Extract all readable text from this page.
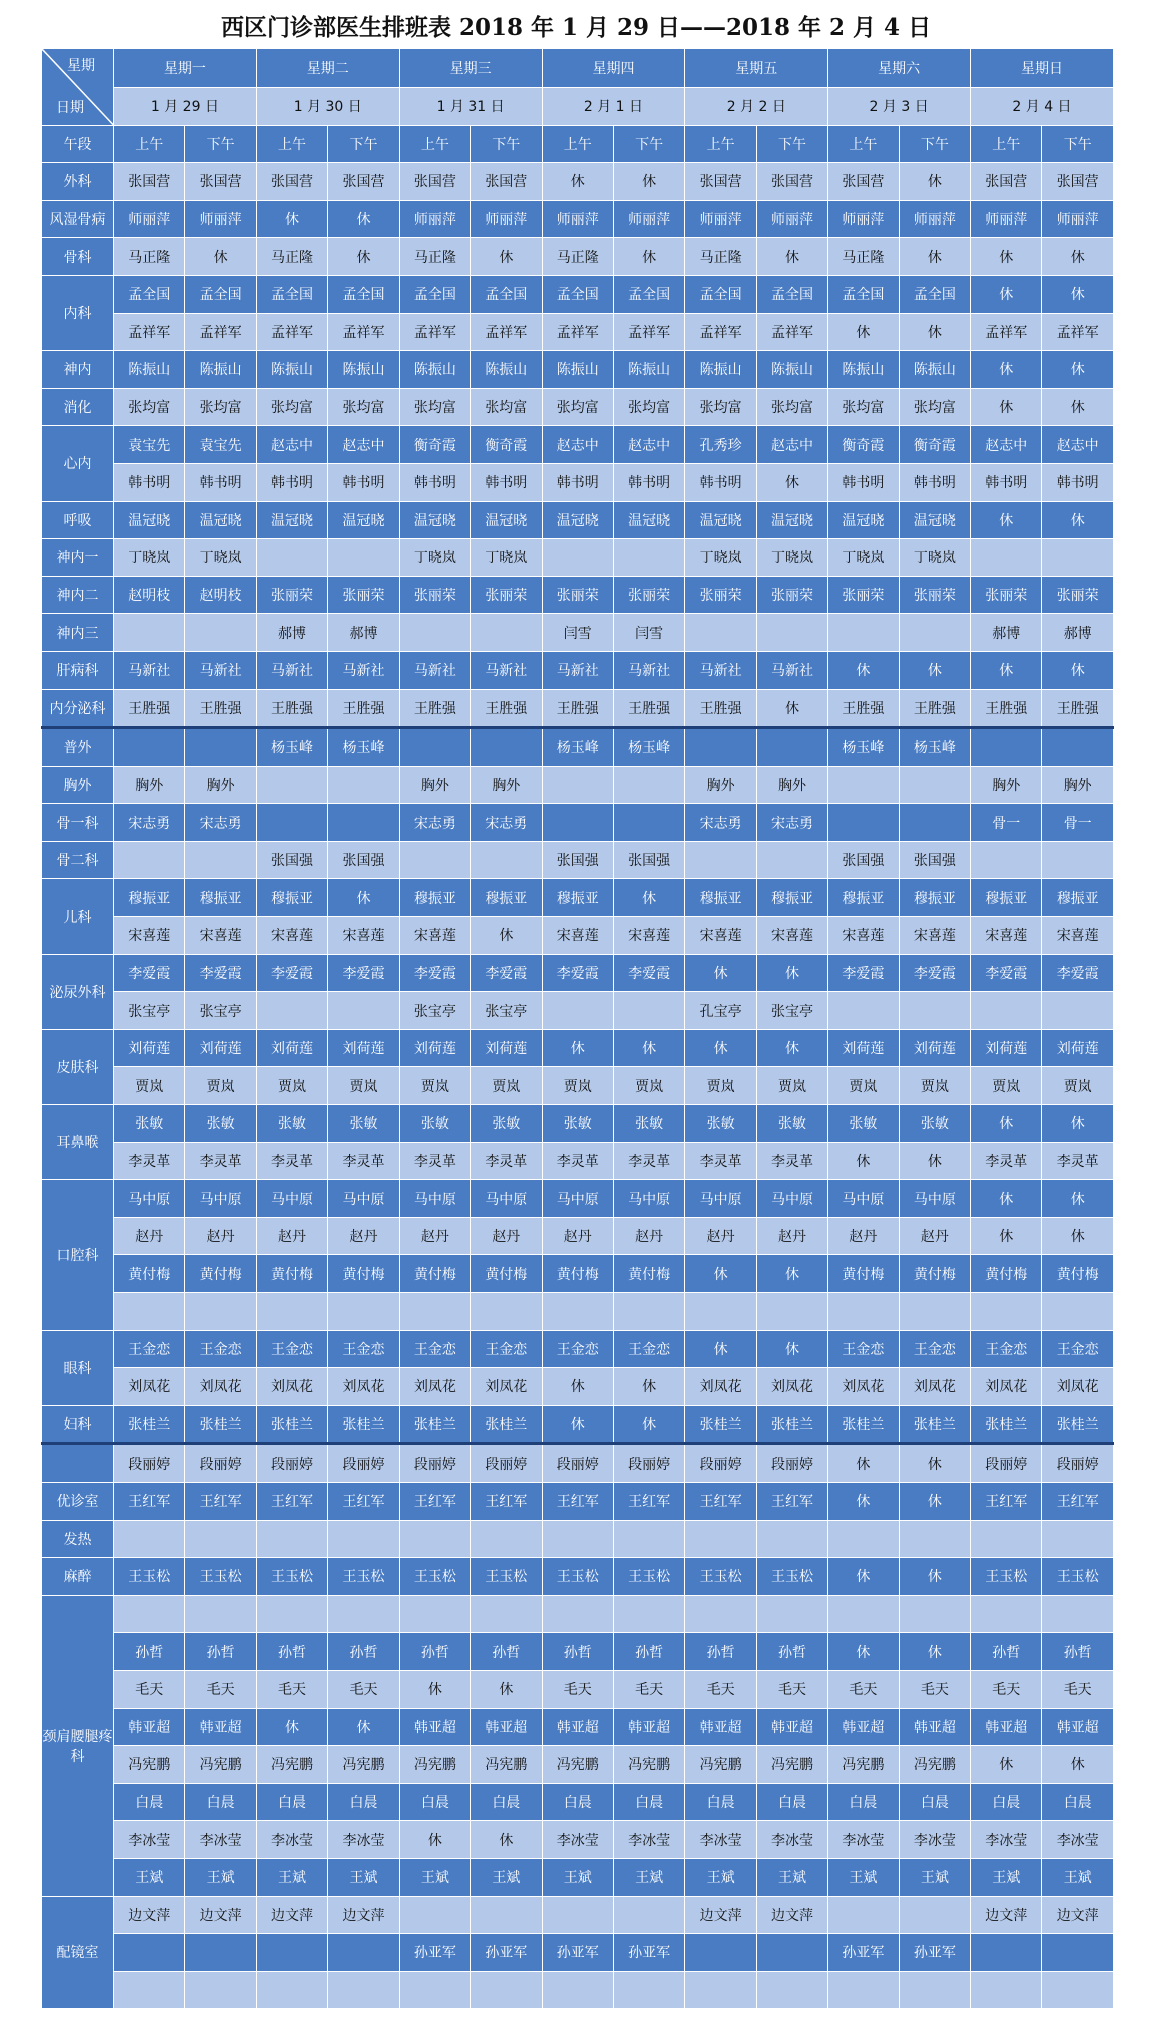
西区门诊部医生排班表 2018 年 1 月 29 日——2018 年 2 月 4 日
星期
日期	星期一		星期二		星期三		星期四		星期五		星期六		星期日	
	1 月 29 日		1 月 30 日		1 月 31 日		2 月 1 日		2 月 2 日		2 月 3 日		2 月 4 日	
午段	上午	下午	上午	下午	上午	下午	上午	下午	上午	下午	上午	下午	上午	下午
外科	张国营	张国营	张国营	张国营	张国营	张国营	休	休	张国营	张国营	张国营	休	张国营	张国营
风湿骨病	师丽萍	师丽萍	休	休	师丽萍	师丽萍	师丽萍	师丽萍	师丽萍	师丽萍	师丽萍	师丽萍	师丽萍	师丽萍
骨科	马正隆	休	马正隆	休	马正隆	休	马正隆	休	马正隆	休	马正隆	休	休	休
内科	孟全国	孟全国	孟全国	孟全国	孟全国	孟全国	孟全国	孟全国	孟全国	孟全国	孟全国	孟全国	休	休
	孟祥军	孟祥军	孟祥军	孟祥军	孟祥军	孟祥军	孟祥军	孟祥军	孟祥军	孟祥军	休	休	孟祥军	孟祥军
神内	陈振山	陈振山	陈振山	陈振山	陈振山	陈振山	陈振山	陈振山	陈振山	陈振山	陈振山	陈振山	休	休
消化	张均富	张均富	张均富	张均富	张均富	张均富	张均富	张均富	张均富	张均富	张均富	张均富	休	休
心内	袁宝先	袁宝先	赵志中	赵志中	衡奇霞	衡奇霞	赵志中	赵志中	孔秀珍	赵志中	衡奇霞	衡奇霞	赵志中	赵志中
	韩书明	韩书明	韩书明	韩书明	韩书明	韩书明	韩书明	韩书明	韩书明	休	韩书明	韩书明	韩书明	韩书明
呼吸	温冠晓	温冠晓	温冠晓	温冠晓	温冠晓	温冠晓	温冠晓	温冠晓	温冠晓	温冠晓	温冠晓	温冠晓	休	休
神内一	丁晓岚	丁晓岚			丁晓岚	丁晓岚			丁晓岚	丁晓岚	丁晓岚	丁晓岚		
神内二	赵明枝	赵明枝	张丽荣	张丽荣	张丽荣	张丽荣	张丽荣	张丽荣	张丽荣	张丽荣	张丽荣	张丽荣	张丽荣	张丽荣
神内三			郝博	郝博			闫雪	闫雪					郝博	郝博
肝病科	马新社	马新社	马新社	马新社	马新社	马新社	马新社	马新社	马新社	马新社	休	休	休	休
内分泌科	王胜强	王胜强	王胜强	王胜强	王胜强	王胜强	王胜强	王胜强	王胜强	休	王胜强	王胜强	王胜强	王胜强
普外			杨玉峰	杨玉峰			杨玉峰	杨玉峰			杨玉峰	杨玉峰		
胸外	胸外	胸外			胸外	胸外			胸外	胸外			胸外	胸外
骨一科	宋志勇	宋志勇			宋志勇	宋志勇			宋志勇	宋志勇			骨一	骨一
骨二科			张国强	张国强			张国强	张国强			张国强	张国强		
儿科	穆振亚	穆振亚	穆振亚	休	穆振亚	穆振亚	穆振亚	休	穆振亚	穆振亚	穆振亚	穆振亚	穆振亚	穆振亚
	宋喜莲	宋喜莲	宋喜莲	宋喜莲	宋喜莲	休	宋喜莲	宋喜莲	宋喜莲	宋喜莲	宋喜莲	宋喜莲	宋喜莲	宋喜莲
泌尿外科	李爱霞	李爱霞	李爱霞	李爱霞	李爱霞	李爱霞	李爱霞	李爱霞	休	休	李爱霞	李爱霞	李爱霞	李爱霞
	张宝亭	张宝亭			张宝亭	张宝亭			孔宝亭	张宝亭				
皮肤科	刘荷莲	刘荷莲	刘荷莲	刘荷莲	刘荷莲	刘荷莲	休	休	休	休	刘荷莲	刘荷莲	刘荷莲	刘荷莲
	贾岚	贾岚	贾岚	贾岚	贾岚	贾岚	贾岚	贾岚	贾岚	贾岚	贾岚	贾岚	贾岚	贾岚
耳鼻喉	张敏	张敏	张敏	张敏	张敏	张敏	张敏	张敏	张敏	张敏	张敏	张敏	休	休
	李灵革	李灵革	李灵革	李灵革	李灵革	李灵革	李灵革	李灵革	李灵革	李灵革	休	休	李灵革	李灵革
口腔科	马中原	马中原	马中原	马中原	马中原	马中原	马中原	马中原	马中原	马中原	马中原	马中原	休	休
	赵丹	赵丹	赵丹	赵丹	赵丹	赵丹	赵丹	赵丹	赵丹	赵丹	赵丹	赵丹	休	休
	黄付梅	黄付梅	黄付梅	黄付梅	黄付梅	黄付梅	黄付梅	黄付梅	休	休	黄付梅	黄付梅	黄付梅	黄付梅

眼科	王金恋	王金恋	王金恋	王金恋	王金恋	王金恋	王金恋	王金恋	休	休	王金恋	王金恋	王金恋	王金恋
	刘凤花	刘凤花	刘凤花	刘凤花	刘凤花	刘凤花	休	休	刘凤花	刘凤花	刘凤花	刘凤花	刘凤花	刘凤花
妇科	张桂兰	张桂兰	张桂兰	张桂兰	张桂兰	张桂兰	休	休	张桂兰	张桂兰	张桂兰	张桂兰	张桂兰	张桂兰
	段丽婷	段丽婷	段丽婷	段丽婷	段丽婷	段丽婷	段丽婷	段丽婷	段丽婷	段丽婷	休	休	段丽婷	段丽婷
优诊室	王红军	王红军	王红军	王红军	王红军	王红军	王红军	王红军	王红军	王红军	休	休	王红军	王红军
发热														
麻醉	王玉松	王玉松	王玉松	王玉松	王玉松	王玉松	王玉松	王玉松	王玉松	王玉松	休	休	王玉松	王玉松
颈肩腰腿疼科														
	孙哲	孙哲	孙哲	孙哲	孙哲	孙哲	孙哲	孙哲	孙哲	孙哲	休	休	孙哲	孙哲
	毛天	毛天	毛天	毛天	休	休	毛天	毛天	毛天	毛天	毛天	毛天	毛天	毛天
	韩亚超	韩亚超	休	休	韩亚超	韩亚超	韩亚超	韩亚超	韩亚超	韩亚超	韩亚超	韩亚超	韩亚超	韩亚超
	冯宪鹏	冯宪鹏	冯宪鹏	冯宪鹏	冯宪鹏	冯宪鹏	冯宪鹏	冯宪鹏	冯宪鹏	冯宪鹏	冯宪鹏	冯宪鹏	休	休
	白晨	白晨	白晨	白晨	白晨	白晨	白晨	白晨	白晨	白晨	白晨	白晨	白晨	白晨
	李冰莹	李冰莹	李冰莹	李冰莹	休	休	李冰莹	李冰莹	李冰莹	李冰莹	李冰莹	李冰莹	李冰莹	李冰莹
	王斌	王斌	王斌	王斌	王斌	王斌	王斌	王斌	王斌	王斌	王斌	王斌	王斌	王斌
配镜室	边文萍	边文萍	边文萍	边文萍					边文萍	边文萍			边文萍	边文萍
					孙亚军	孙亚军	孙亚军	孙亚军			孙亚军	孙亚军		
